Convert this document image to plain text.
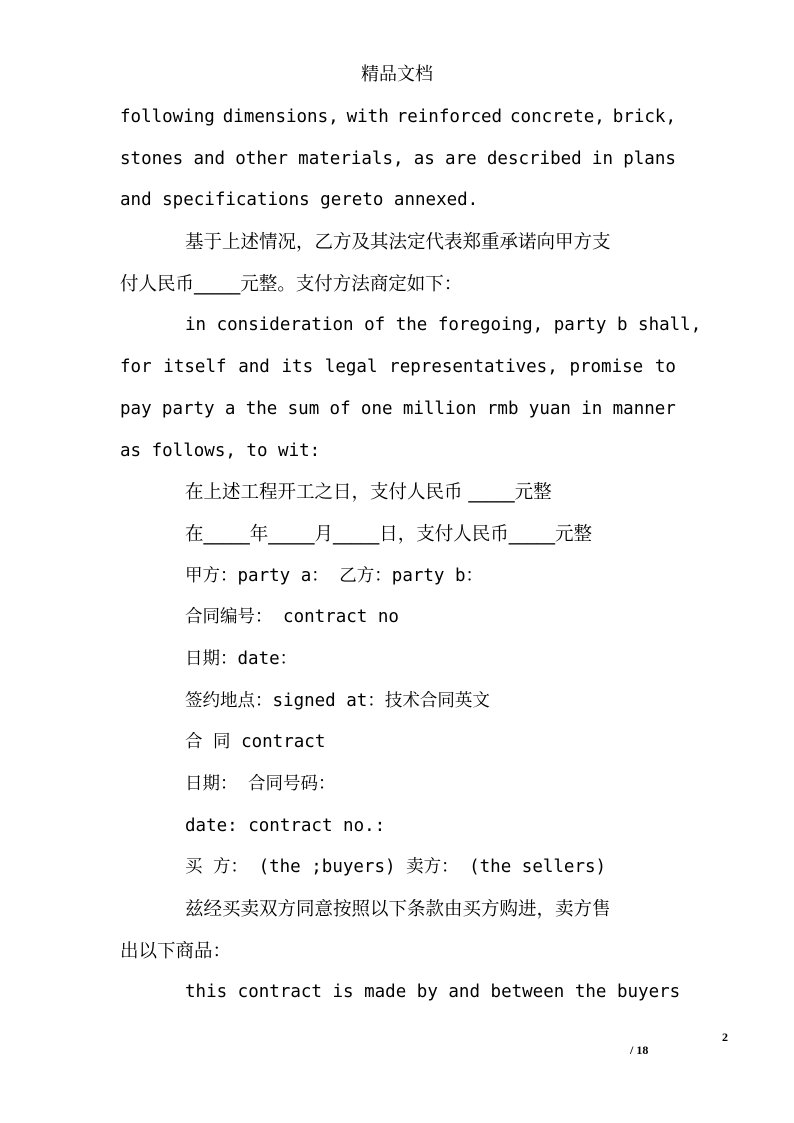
精品文档
following dimensions, with reinforced concrete, brick,
stones and other materials, as are described in plans
and specifications gereto annexed.
基于上述情况，乙方及其法定代表郑重承诺向甲方支
付人民币_____元整。支付方法商定如下：
in consideration of the foregoing, party b shall,
for itself and its legal representatives, promise to
pay party a the sum of one million rmb yuan in manner
as follows, to wit:
在上述工程开工之日，支付人民币 _____元整
在_____年_____月_____日，支付人民币_____元整
甲方：party a： 乙方：party b：
合同编号： contract no
日期：date：
签约地点：signed at：技术合同英文
合 同 contract
日期： 合同号码：
date: contract no.:
买 方： (the ;buyers) 卖方： (the sellers)
兹经买卖双方同意按照以下条款由买方购进，卖方售
出以下商品：
this contract is made by and between the buyers
2
/ 18
